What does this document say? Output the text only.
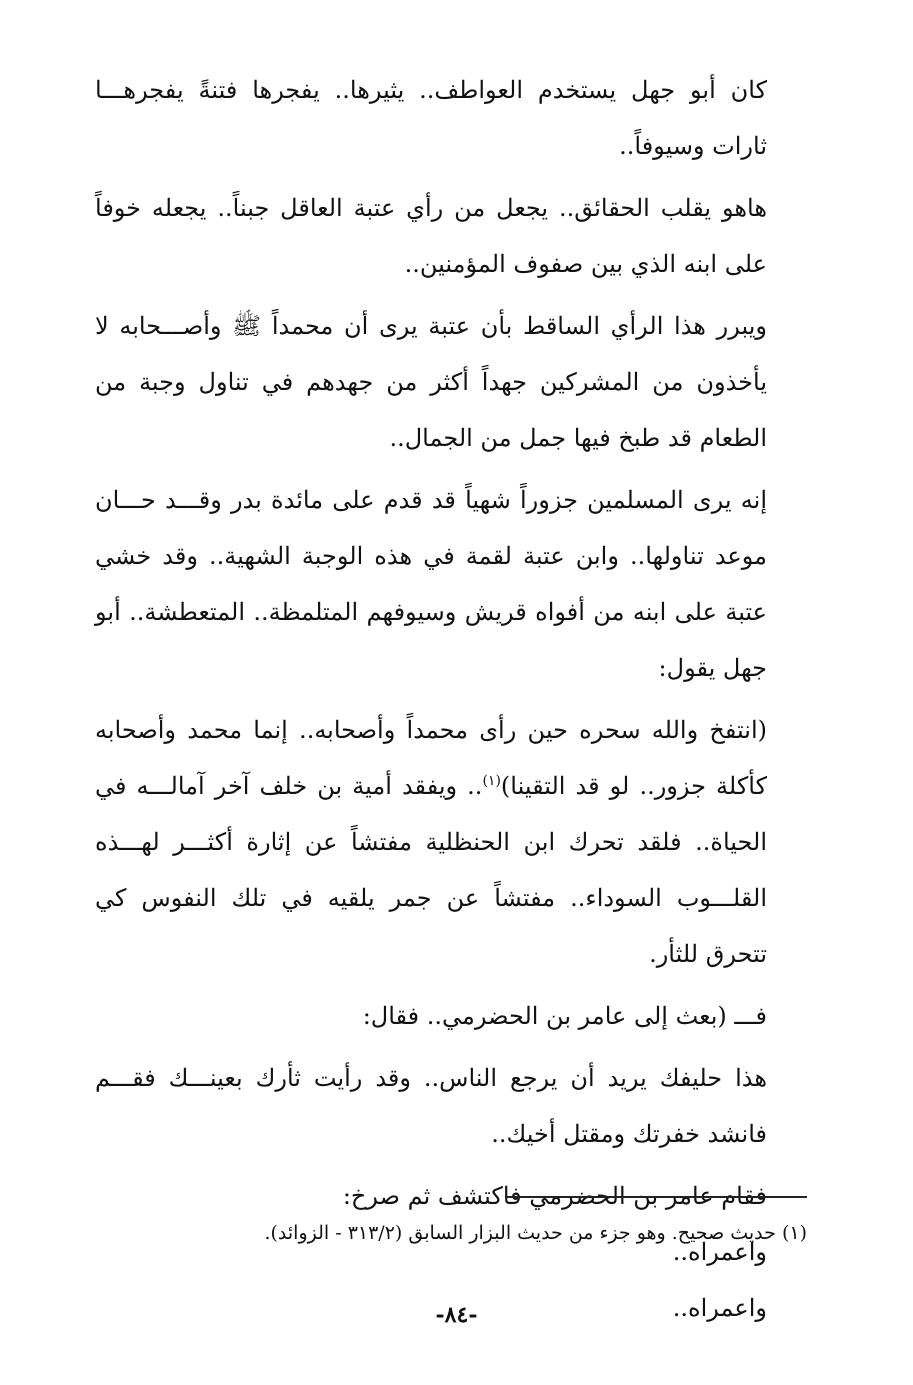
كان أبو جهل يستخدم العواطف.. يثيرها.. يفجرها فتنةً يفجرهـــا ثارات وسيوفاً..

هاهو يقلب الحقائق.. يجعل من رأي عتبة العاقل جبناً.. يجعله خوفاً على ابنه الذي بين صفوف المؤمنين..

ويبرر هذا الرأي الساقط بأن عتبة يرى أن محمداً ﷺ وأصـــحابه لا يأخذون من المشركين جهداً أكثر من جهدهم في تناول وجبة من الطعام قد طبخ فيها جمل من الجمال..

إنه يرى المسلمين جزوراً شهياً قد قدم على مائدة بدر وقـــد حـــان موعد تناولها.. وابن عتبة لقمة في هذه الوجبة الشهية.. وقد خشي عتبة على ابنه من أفواه قريش وسيوفهم المتلمظة.. المتعطشة.. أبو جهل يقول:

(انتفخ والله سحره حين رأى محمداً وأصحابه.. إنما محمد وأصحابه كأكلة جزور.. لو قد التقينا)$^{(١)}$.. ويفقد أمية بن خلف آخر آمالـــه في الحياة.. فلقد تحرك ابن الحنظلية مفتشاً عن إثارة أكثـــر لهـــذه القلـــوب السوداء.. مفتشاً عن جمر يلقيه في تلك النفوس كي تتحرق للثأر.

فـــ (بعث إلى عامر بن الحضرمي.. فقال:

هذا حليفك يريد أن يرجع الناس.. وقد رأيت ثأرك بعينـــك فقـــم فانشد خفرتك ومقتل أخيك..

فقام عامر بن الحضرمي فاكتشف ثم صرخ:
واعمراه..
واعمراه..
(١) حديث صحيح. وهو جزء من حديث البزار السابق (٣١٣/٢ - الزوائد).
-٨٤-
